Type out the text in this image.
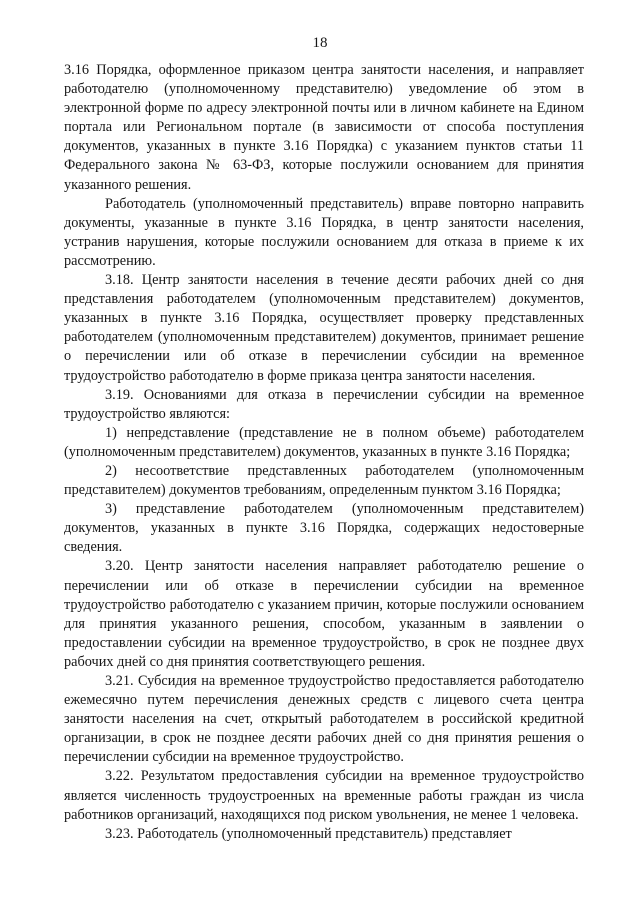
18

3.16 Порядка, оформленное приказом центра занятости населения, и направляет работодателю (уполномоченному представителю) уведомление об этом в электронной форме по адресу электронной почты или в личном кабинете на Едином портала или Региональном портале (в зависимости от способа поступления документов, указанных в пункте 3.16 Порядка) с указанием пунктов статьи 11 Федерального закона № 63-ФЗ, которые послужили основанием для принятия указанного решения.

Работодатель (уполномоченный представитель) вправе повторно направить документы, указанные в пункте 3.16 Порядка, в центр занятости населения, устранив нарушения, которые послужили основанием для отказа в приеме к их рассмотрению.

3.18. Центр занятости населения в течение десяти рабочих дней со дня представления работодателем (уполномоченным представителем) документов, указанных в пункте 3.16 Порядка, осуществляет проверку представленных работодателем (уполномоченным представителем) документов, принимает решение о перечислении или об отказе в перечислении субсидии на временное трудоустройство работодателю в форме приказа центра занятости населения.

3.19. Основаниями для отказа в перечислении субсидии на временное трудоустройство являются:

1) непредставление (представление не в полном объеме) работодателем (уполномоченным представителем) документов, указанных в пункте 3.16 Порядка;

2) несоответствие представленных работодателем (уполномоченным представителем) документов требованиям, определенным пунктом 3.16 Порядка;

3) представление работодателем (уполномоченным представителем) документов, указанных в пункте 3.16 Порядка, содержащих недостоверные сведения.

3.20. Центр занятости населения направляет работодателю решение о перечислении или об отказе в перечислении субсидии на временное трудоустройство работодателю с указанием причин, которые послужили основанием для принятия указанного решения, способом, указанным в заявлении о предоставлении субсидии на временное трудоустройство, в срок не позднее двух рабочих дней со дня принятия соответствующего решения.

3.21. Субсидия на временное трудоустройство предоставляется работодателю ежемесячно путем перечисления денежных средств с лицевого счета центра занятости населения на счет, открытый работодателем в российской кредитной организации, в срок не позднее десяти рабочих дней со дня принятия решения о перечислении субсидии на временное трудоустройство.

3.22. Результатом предоставления субсидии на временное трудоустройство является численность трудоустроенных на временные работы граждан из числа работников организаций, находящихся под риском увольнения, не менее 1 человека.

3.23. Работодатель (уполномоченный представитель) представляет
